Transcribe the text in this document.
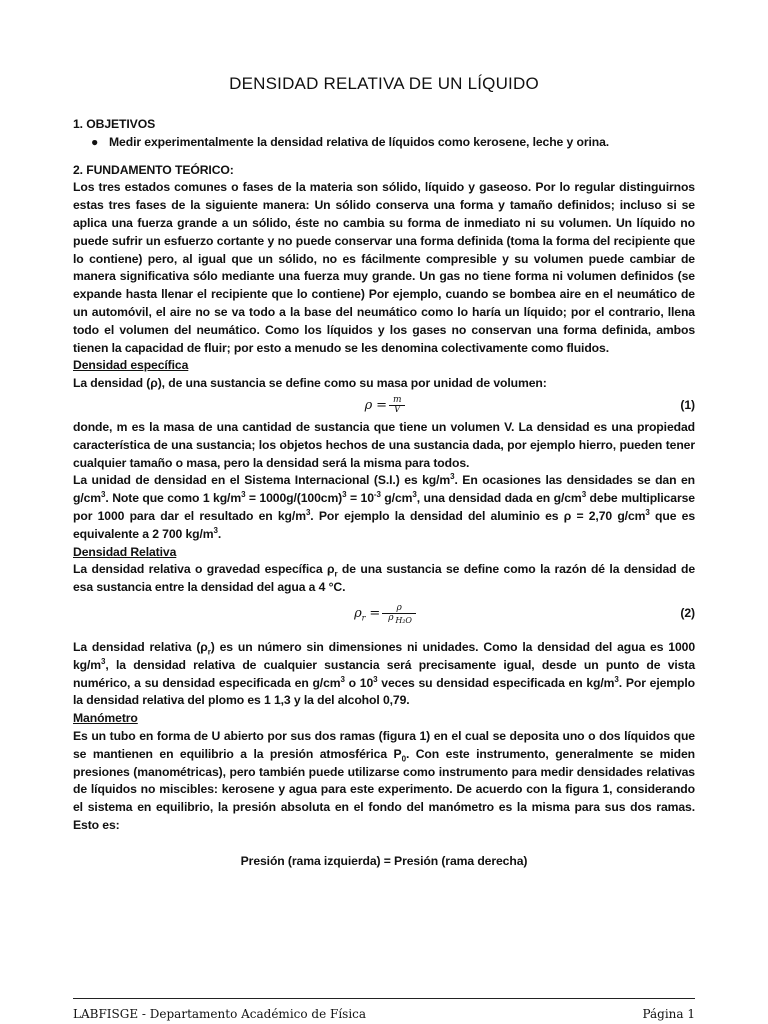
DENSIDAD RELATIVA DE UN LÍQUIDO
1. OBJETIVOS
● Medir experimentalmente la densidad relativa de líquidos como kerosene, leche y orina.
2. FUNDAMENTO TEÓRICO:

Los tres estados comunes o fases de la materia son sólido, líquido y gaseoso. Por lo regular distinguirnos estas tres fases de la siguiente manera: Un sólido conserva una forma y tamaño definidos; incluso si se aplica una fuerza grande a un sólido, éste no cambia su forma de inmediato ni su volumen. Un líquido no puede sufrir un esfuerzo cortante y no puede conservar una forma definida (toma la forma del recipiente que lo contiene) pero, al igual que un sólido, no es fácilmente compresible y su volumen puede cambiar de manera significativa sólo mediante una fuerza muy grande. Un gas no tiene forma ni volumen definidos (se expande hasta llenar el recipiente que lo contiene) Por ejemplo, cuando se bombea aire en el neumático de un automóvil, el aire no se va todo a la base del neumático como lo haría un líquido; por el contrario, llena todo el volumen del neumático. Como los líquidos y los gases no conservan una forma definida, ambos tienen la capacidad de fluir; por esto a menudo se les denomina colectivamente como fluidos.

Densidad específica

La densidad (ρ), de una sustancia se define como su masa por unidad de volumen:

$\rho = \frac{m}{V}$	(1)

donde, m es la masa de una cantidad de sustancia que tiene un volumen V. La densidad es una propiedad característica de una sustancia; los objetos hechos de una sustancia dada, por ejemplo hierro, pueden tener cualquier tamaño o masa, pero la densidad será la misma para todos.

La unidad de densidad en el Sistema Internacional (S.I.) es $kg/m^3$. En ocasiones las densidades se dan en $g/cm^3$. Note que como 1 $kg/m^3 = 1000g/(100cm)^3 = 10^{-3}$ $g/cm^3$, una densidad dada en $g/cm^3$ debe multiplicarse por 1000 para dar el resultado en $kg/m^3$. Por ejemplo la densidad del aluminio es ρ = 2,70 $g/cm^3$ que es equivalente a 2 700 $kg/m^3$.

Densidad Relativa

La densidad relativa o gravedad específica $\rho_r$ de una sustancia se define como la razón dé la densidad de esa sustancia entre la densidad del agua a 4 °C.

$\rho_r = \frac{\rho}{\rho _{H_2O}}$	(2)

La densidad relativa $(\rho_r)$ es un número sin dimensiones ni unidades. Como la densidad del agua es 1000 $kg/m^3$, la densidad relativa de cualquier sustancia será precisamente igual, desde un punto de vista numérico, a su densidad especificada en $g/cm^3$ o $10^3$ veces su densidad especificada en $kg/m^3$. Por ejemplo la densidad relativa del plomo es 1 1,3 y la del alcohol 0,79.

Manómetro

Es un tubo en forma de U abierto por sus dos ramas (figura 1) en el cual se deposita uno o dos líquidos que se mantienen en equilibrio a la presión atmosférica $P_0$. Con este instrumento, generalmente se miden presiones (manométricas), pero también puede utilizarse como instrumento para medir densidades relativas de líquidos no miscibles: kerosene y agua para este experimento. De acuerdo con la figura 1, considerando el sistema en equilibrio, la presión absoluta en el fondo del manómetro es la misma para sus dos ramas. Esto es:

Presión (rama izquierda) = Presión (rama derecha)

LABFISGE - Departamento Académico de Física	Página 1
